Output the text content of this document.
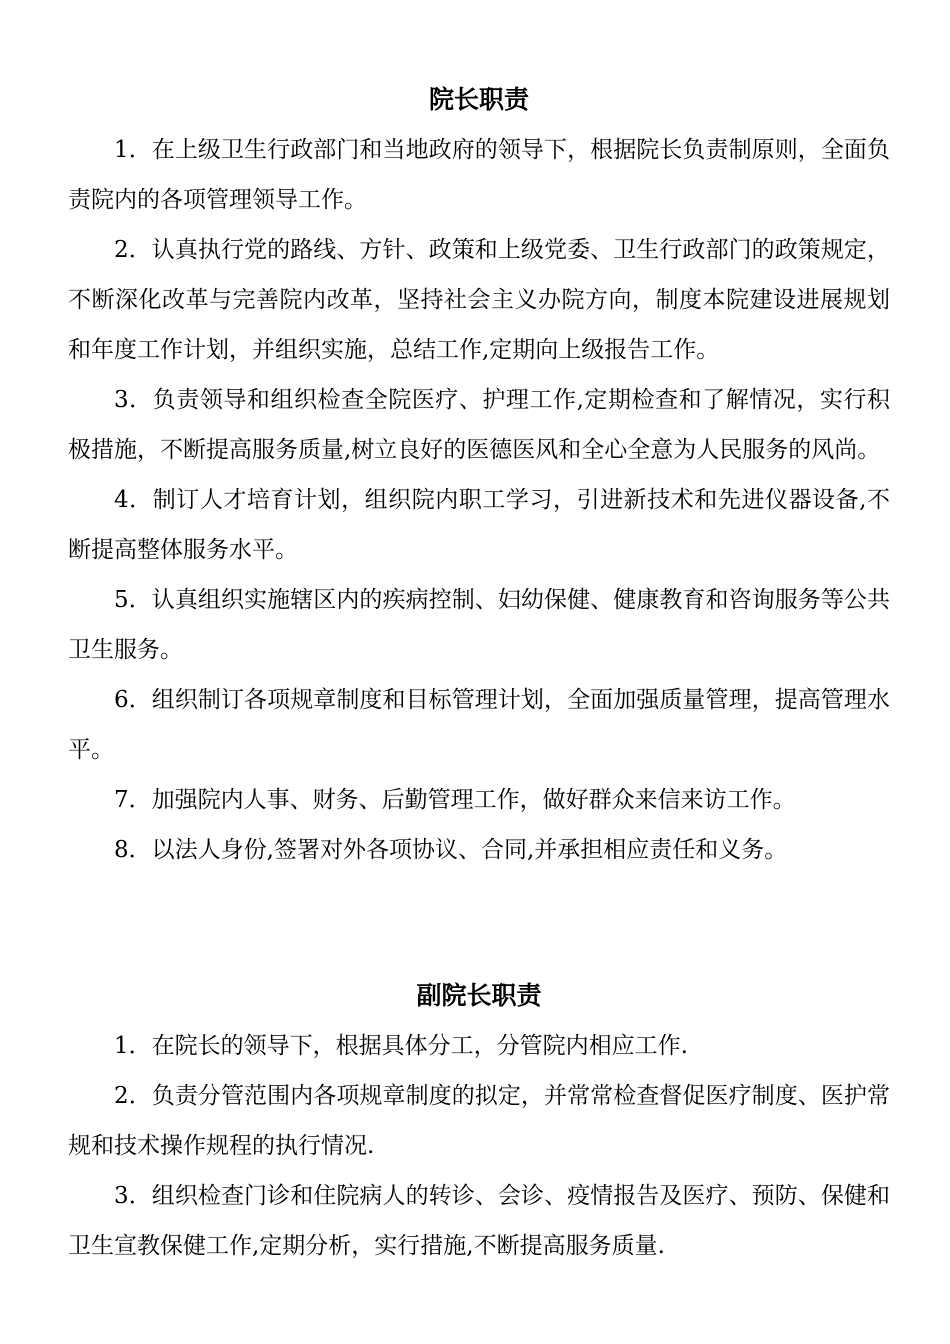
院长职责

1．在上级卫生行政部门和当地政府的领导下，根据院长负责制原则，全面负责院内的各项管理领导工作。

2．认真执行党的路线、方针、政策和上级党委、卫生行政部门的政策规定，不断深化改革与完善院内改革，坚持社会主义办院方向，制度本院建设进展规划和年度工作计划，并组织实施，总结工作,定期向上级报告工作。

3．负责领导和组织检查全院医疗、护理工作,定期检查和了解情况，实行积极措施，不断提高服务质量,树立良好的医德医风和全心全意为人民服务的风尚。

4．制订人才培育计划，组织院内职工学习，引进新技术和先进仪器设备,不断提高整体服务水平。

5．认真组织实施辖区内的疾病控制、妇幼保健、健康教育和咨询服务等公共卫生服务。

6．组织制订各项规章制度和目标管理计划，全面加强质量管理，提高管理水平。

7．加强院内人事、财务、后勤管理工作，做好群众来信来访工作。

8．以法人身份,签署对外各项协议、合同,并承担相应责任和义务。

副院长职责

1．在院长的领导下，根据具体分工，分管院内相应工作.

2．负责分管范围内各项规章制度的拟定，并常常检查督促医疗制度、医护常规和技术操作规程的执行情况.

3．组织检查门诊和住院病人的转诊、会诊、疫情报告及医疗、预防、保健和卫生宣教保健工作,定期分析，实行措施,不断提高服务质量.
